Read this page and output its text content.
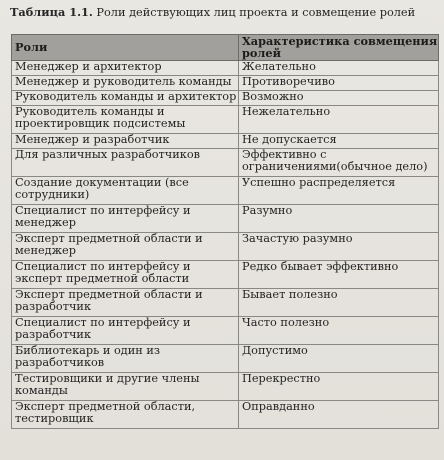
Таблица 1.1. Роли действующих лиц проекта и совмещение ролей
Роли	Характеристика совмещения ролей

Менеджер и архитектор	Желательно

Менеджер и руководитель команды	Противоречиво

Руководитель команды и архитектор	Возможно

Руководитель команды и проектировщик подсистемы	Нежелательно

Менеджер и разработчик	Не допускается

Для различных разработчиков	Эффективно с ограничениями(обычное дело)

Создание документации (все сотрудники)	Успешно распределяется

Специалист по интерфейсу и менеджер	Разумно

Эксперт предметной области и менеджер	Зачастую разумно

Специалист по интерфейсу и эксперт предметной области	Редко бывает эффективно

Эксперт предметной области и разработчик	Бывает полезно

Специалист по интерфейсу и разработчик	Часто полезно

Библиотекарь и один из разработчиков	Допустимо

Тестировщики и другие члены команды	Перекрестно

Эксперт предметной области, тестировщик	Оправданно
